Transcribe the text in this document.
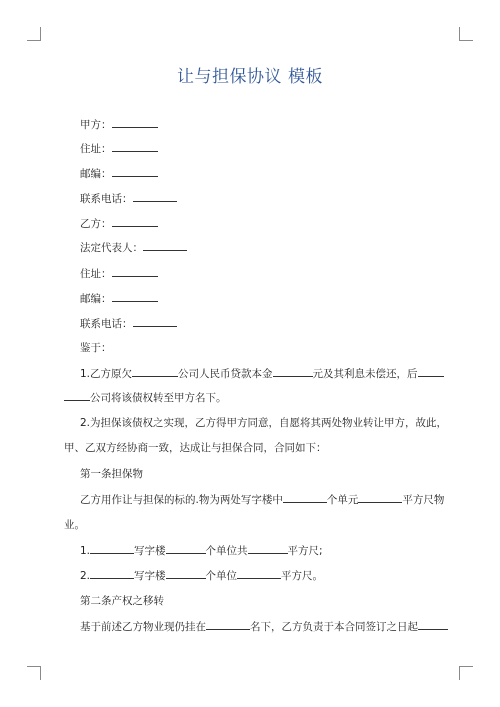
让与担保协议 模板
甲方：
住址：
邮编：
联系电话：
乙方：
法定代表人：
住址：
邮编：
联系电话：
鉴于：
1.乙方原欠	公司人民币贷款本金	元及其利息未偿还，后
公司将该债权转至甲方名下。
2.为担保该债权之实现，乙方得甲方同意，自愿将其两处物业转让甲方，故此，
甲、乙双方经协商一致，达成让与担保合同，合同如下：
第一条担保物
乙方用作让与担保的标的.物为两处写字楼中	个单元	平方尺物
业。
1.	写字楼	个单位共	平方尺;
2.	写字楼	个单位	平方尺。
第二条产权之移转
基于前述乙方物业现仍挂在	名下，乙方负责于本合同签订之日起
